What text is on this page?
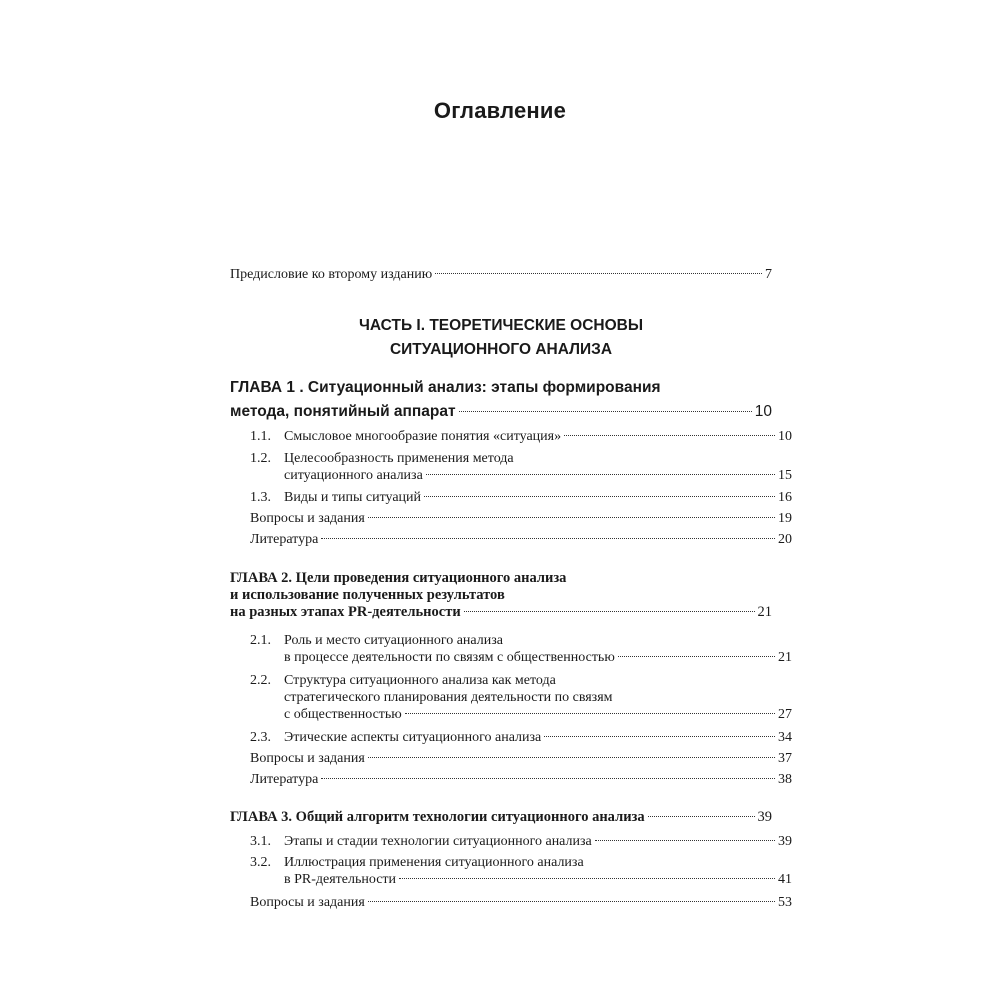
Оглавление
Предисловие ко второму изданию	7
ГЛАВА 1 . Ситуационный анализ: этапы формирования
метода, понятийный аппарат	10
1.1. Смысловое многообразие понятия «ситуация»	10
1.2. Целесообразность применения метода
ситуационного анализа	15
1.3. Виды и типы ситуаций	16
Вопросы и задания	19
Литература	20
ГЛАВА 2. Цели проведения ситуационного анализа
и использование полученных результатов
на разных этапах PR-деятельности	21
2.1. Роль и место ситуационного анализа
в процессе деятельности по связям с общественностью	21
2.2. Структура ситуационного анализа как метода
стратегического планирования деятельности по связям
с общественностью	27
2.3. Этические аспекты ситуационного анализа	34
Вопросы и задания	37
Литература	38
ГЛАВА 3. Общий алгоритм технологии ситуационного анализа	39
3.1. Этапы и стадии технологии ситуационного анализа	39
3.2. Иллюстрация применения ситуационного анализа
в PR-деятельности	41
Вопросы и задания	53
ЧАСТЬ I. ТЕОРЕТИЧЕСКИЕ ОСНОВЫ
СИТУАЦИОННОГО АНАЛИЗА
